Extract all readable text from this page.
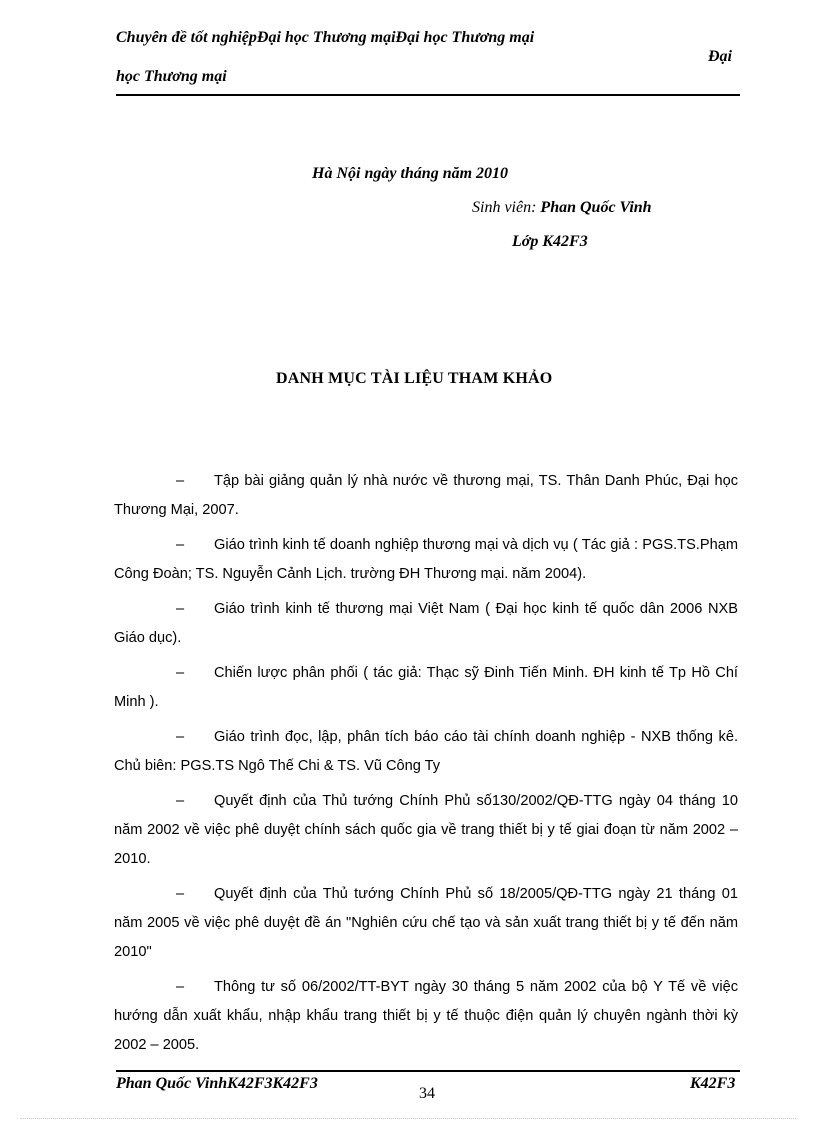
Chuyên đề tốt nghiệpĐại học Thương mạiĐại học Thương mại
học Thương mại
Đại
Hà Nội ngày tháng năm 2010
Sinh viên: Phan Quốc Vinh
Lớp K42F3
DANH MỤC TÀI LIỆU THAM KHẢO
– Tập bài giảng quản lý nhà nước về thương mại, TS. Thân Danh Phúc, Đại học Thương Mại, 2007.
– Giáo trình kinh tế doanh nghiệp thương mại và dịch vụ ( Tác giả : PGS.TS.Phạm Công Đoàn; TS. Nguyễn Cảnh Lịch. trường ĐH Thương mại. năm 2004).
– Giáo trình kinh tế thương mại Việt Nam ( Đại học kinh tế quốc dân 2006 NXB Giáo dục).
– Chiến lược phân phối ( tác giả: Thạc sỹ Đinh Tiến Minh. ĐH kinh tế Tp Hồ Chí Minh ).
– Giáo trình đọc, lập, phân tích báo cáo tài chính doanh nghiệp - NXB thống kê. Chủ biên: PGS.TS Ngô Thế Chi & TS. Vũ Công Ty
– Quyết định của Thủ tướng Chính Phủ số130/2002/QĐ-TTG ngày 04 tháng 10 năm 2002 về việc phê duyệt chính sách quốc gia về trang thiết bị y tế giai đoạn từ năm 2002 – 2010.
– Quyết định của Thủ tướng Chính Phủ số 18/2005/QĐ-TTG ngày 21 tháng 01 năm 2005 về việc phê duyệt đề án "Nghiên cứu chế tạo và sản xuất trang thiết bị y tế đến năm 2010"
– Thông tư số 06/2002/TT-BYT ngày 30 tháng 5 năm 2002 của bộ Y Tế về việc hướng dẫn xuất khẩu, nhập khẩu trang thiết bị y tế thuộc điện quản lý chuyên ngành thời kỳ 2002 – 2005.
Phan Quốc VinhK42F3K42F3
34
K42F3
